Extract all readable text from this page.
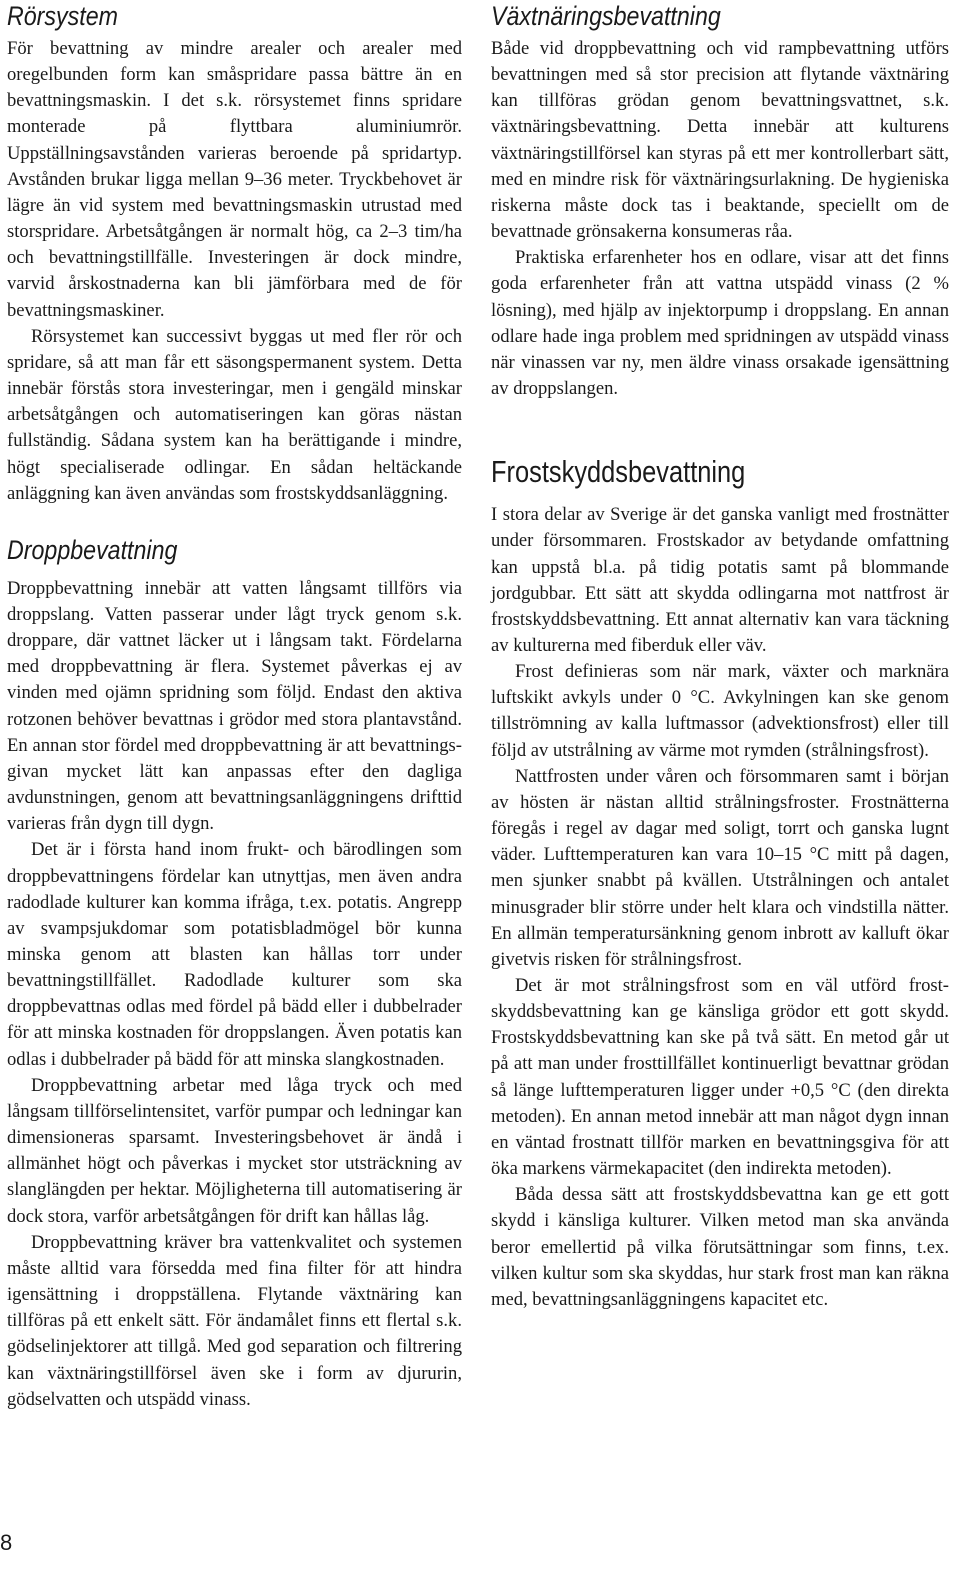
Rörsystem

För bevattning av mindre arealer och arealer med oregelbunden form kan småspridare passa bättre än en bevattningsmaskin. I det s.k. rörsystemet finns spridare monterade på flyttbara aluminiumrör. Uppställningsavstånden varieras beroende på spridartyp. Avstånden brukar ligga mellan 9–36 meter. Tryckbehovet är lägre än vid system med bevattningsmaskin utrustad med storspridare. Arbetsåtgången är normalt hög, ca 2–3 tim/ha och bevattningstillfälle. Investeringen är dock mindre, varvid årskostnaderna kan bli jämförbara med de för bevattningsmaskiner.

Rörsystemet kan successivt byggas ut med fler rör och spridare, så att man får ett säsongspermanent system. Detta innebär förstås stora investeringar, men i gengäld minskar arbetsåtgången och automatiseringen kan göras nästan fullständig. Sådana system kan ha berättigande i mindre, högt specialiserade odlingar. En sådan heltäckande anläggning kan även användas som frostskyddsanläggning.

Droppbevattning

Droppbevattning innebär att vatten långsamt tillförs via droppslang. Vatten passerar under lågt tryck genom s.k. droppare, där vattnet läcker ut i långsam takt. Fördelarna med droppbevattning är flera. Systemet påverkas ej av vinden med ojämn spridning som följd. Endast den aktiva rotzonen behöver bevattnas i grödor med stora plantavstånd. En annan stor fördel med droppbevattning är att bevattningsgivan mycket lätt kan anpassas efter den dagliga avdunstningen, genom att bevattningsanläggningens drifttid varieras från dygn till dygn.

Det är i första hand inom frukt- och bärodlingen som droppbevattningens fördelar kan utnyttjas, men även andra radodlade kulturer kan komma ifråga, t.ex. potatis. Angrepp av svampsjukdomar som potatisbladmögel bör kunna minska genom att blasten kan hållas torr under bevattningstillfället. Radodlade kulturer som ska droppbevattnas odlas med fördel på bädd eller i dubbelrader för att minska kostnaden för droppslangen. Även potatis kan odlas i dubbelrader på bädd för att minska slangkostnaden.

Droppbevattning arbetar med låga tryck och med långsam tillförselintensitet, varför pumpar och ledningar kan dimensioneras sparsamt. Investeringsbehovet är ändå i allmänhet högt och påverkas i mycket stor utsträckning av slanglängden per hektar. Möjligheterna till automatisering är dock stora, varför arbetsåtgången för drift kan hållas låg.

Droppbevattning kräver bra vattenkvalitet och systemen måste alltid vara försedda med fina filter för att hindra igensättning i droppställena. Flytande växtnäring kan tillföras på ett enkelt sätt. För ändamålet finns ett flertal s.k. gödselinjektorer att tillgå. Med god separation och filtrering kan växtnäringstillförsel även ske i form av djururin, gödselvatten och utspädd vinass.

Växtnäringsbevattning

Både vid droppbevattning och vid rampbevattning utförs bevattningen med så stor precision att flytande växtnäring kan tillföras grödan genom bevattningsvattnet, s.k. växtnäringsbevattning. Detta innebär att kulturens växtnäringstillförsel kan styras på ett mer kontrollerbart sätt, med en mindre risk för växtnäringsurlakning. De hygieniska riskerna måste dock tas i beaktande, speciellt om de bevattnade grönsakerna konsumeras råa.

Praktiska erfarenheter hos en odlare, visar att det finns goda erfarenheter från att vattna utspädd vinass (2 % lösning), med hjälp av injektorpump i droppslang. En annan odlare hade inga problem med spridningen av utspädd vinass när vinassen var ny, men äldre vinass orsakade igensättning av droppslangen.

Frostskyddsbevattning

I stora delar av Sverige är det ganska vanligt med frostnätter under försommaren. Frostskador av betydande omfattning kan uppstå bl.a. på tidig potatis samt på blommande jordgubbar. Ett sätt att skydda odlingarna mot nattfrost är frostskyddsbevattning. Ett annat alternativ kan vara täckning av kulturerna med fiberduk eller väv.

Frost definieras som när mark, växter och marknära luftskikt avkyls under 0 °C. Avkylningen kan ske genom tillströmning av kalla luftmassor (advektionsfrost) eller till följd av utstrålning av värme mot rymden (strålningsfrost).

Nattfrosten under våren och försommaren samt i början av hösten är nästan alltid strålningsfroster. Frostnätterna föregås i regel av dagar med soligt, torrt och ganska lugnt väder. Lufttemperaturen kan vara 10–15 °C mitt på dagen, men sjunker snabbt på kvällen. Utstrålningen och antalet minusgrader blir större under helt klara och vindstilla nätter. En allmän temperatursänkning genom inbrott av kalluft ökar givetvis risken för strålningsfrost.

Det är mot strålningsfrost som en väl utförd frostskyddsbevattning kan ge känsliga grödor ett gott skydd. Frostskyddsbevattning kan ske på två sätt. En metod går ut på att man under frosttillfället kontinuerligt bevattnar grödan så länge lufttemperaturen ligger under +0,5 °C (den direkta metoden). En annan metod innebär att man något dygn innan en väntad frostnatt tillför marken en bevattningsgiva för att öka markens värmekapacitet (den indirekta metoden).

Båda dessa sätt att frostskyddsbevattna kan ge ett gott skydd i känsliga kulturer. Vilken metod man ska använda beror emellertid på vilka förutsättningar som finns, t.ex. vilken kultur som ska skyddas, hur stark frost man kan räkna med, bevattningsanläggningens kapacitet etc.

8
